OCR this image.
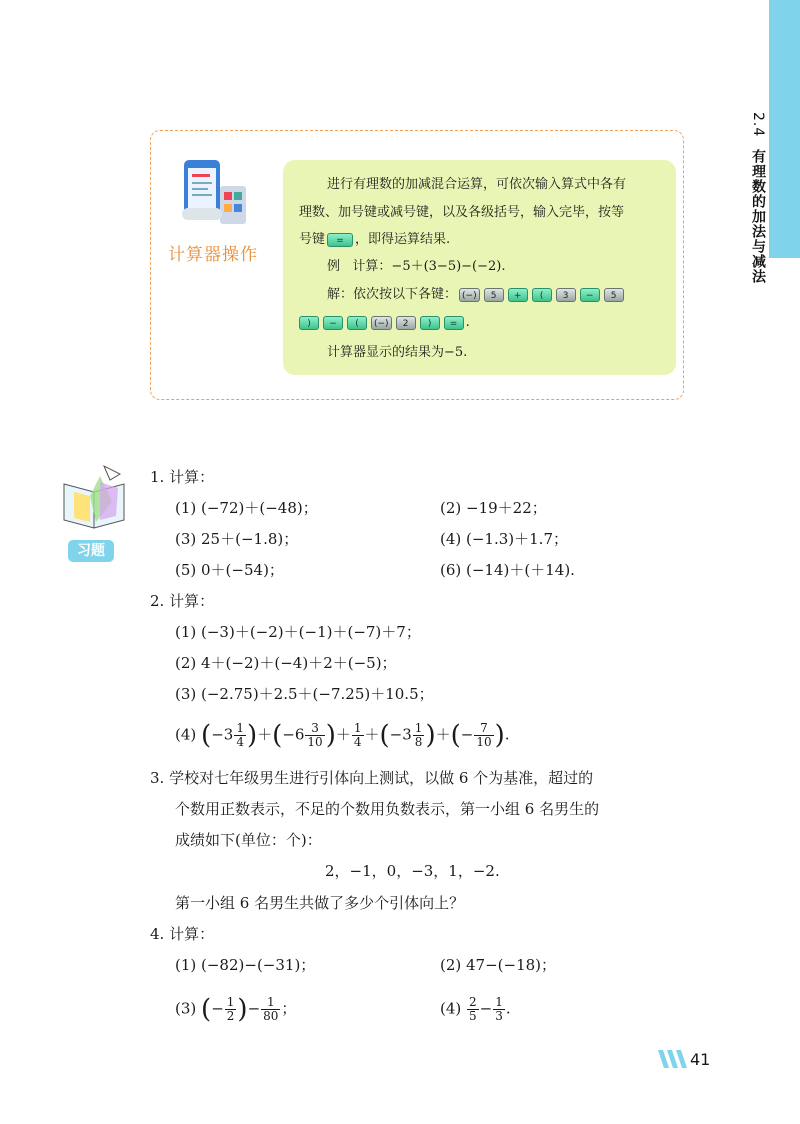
2.4 有理数的加法与减法
计算器操作
进行有理数的加减混合运算，可依次输入算式中各有
理数、加号键或减号键，以及各级括号，输入完毕，按等
号键 = ，即得运算结果.
例 计算：−5＋(3−5)−(−2).
解：依次按以下各键： (−) 5 + ( 3 − 5
) − ( (−) 2 ) = .
计算器显示的结果为−5.
习题
1. 计算：
(1) (−72)＋(−48)；	(2) −19＋22；
(3) 25＋(−1.8)；	(4) (−1.3)＋1.7；
(5) 0＋(−54)；	(6) (−14)＋(＋14).
2. 计算：
(1) (−3)＋(−2)＋(−1)＋(−7)＋7；
(2) 4＋(−2)＋(−4)＋2＋(−5)；
(3) (−2.75)＋2.5＋(−7.25)＋10.5；
(4) $(-3 \frac{1}{4} )+(-6 \frac{3}{10}$ )＋ $\frac{1}{4} +(-3 \frac{1}{8}$ )＋(− $\frac{7}{10}$ ).
3. 学校对七年级男生进行引体向上测试，以做 6 个为基准，超过的
个数用正数表示，不足的个数用负数表示，第一小组 6 名男生的
成绩如下(单位：个)：
2，−1，0，−3，1，−2.
第一小组 6 名男生共做了多少个引体向上？
4. 计算：
(1) (−82)−(−31)；	(2) 47−(−18)；
(3) (− $\frac{1}{2}$ )− $\frac{1}{80}$ ；	$(4) \frac{2}{5} - \frac{1}{3}$ .
41
